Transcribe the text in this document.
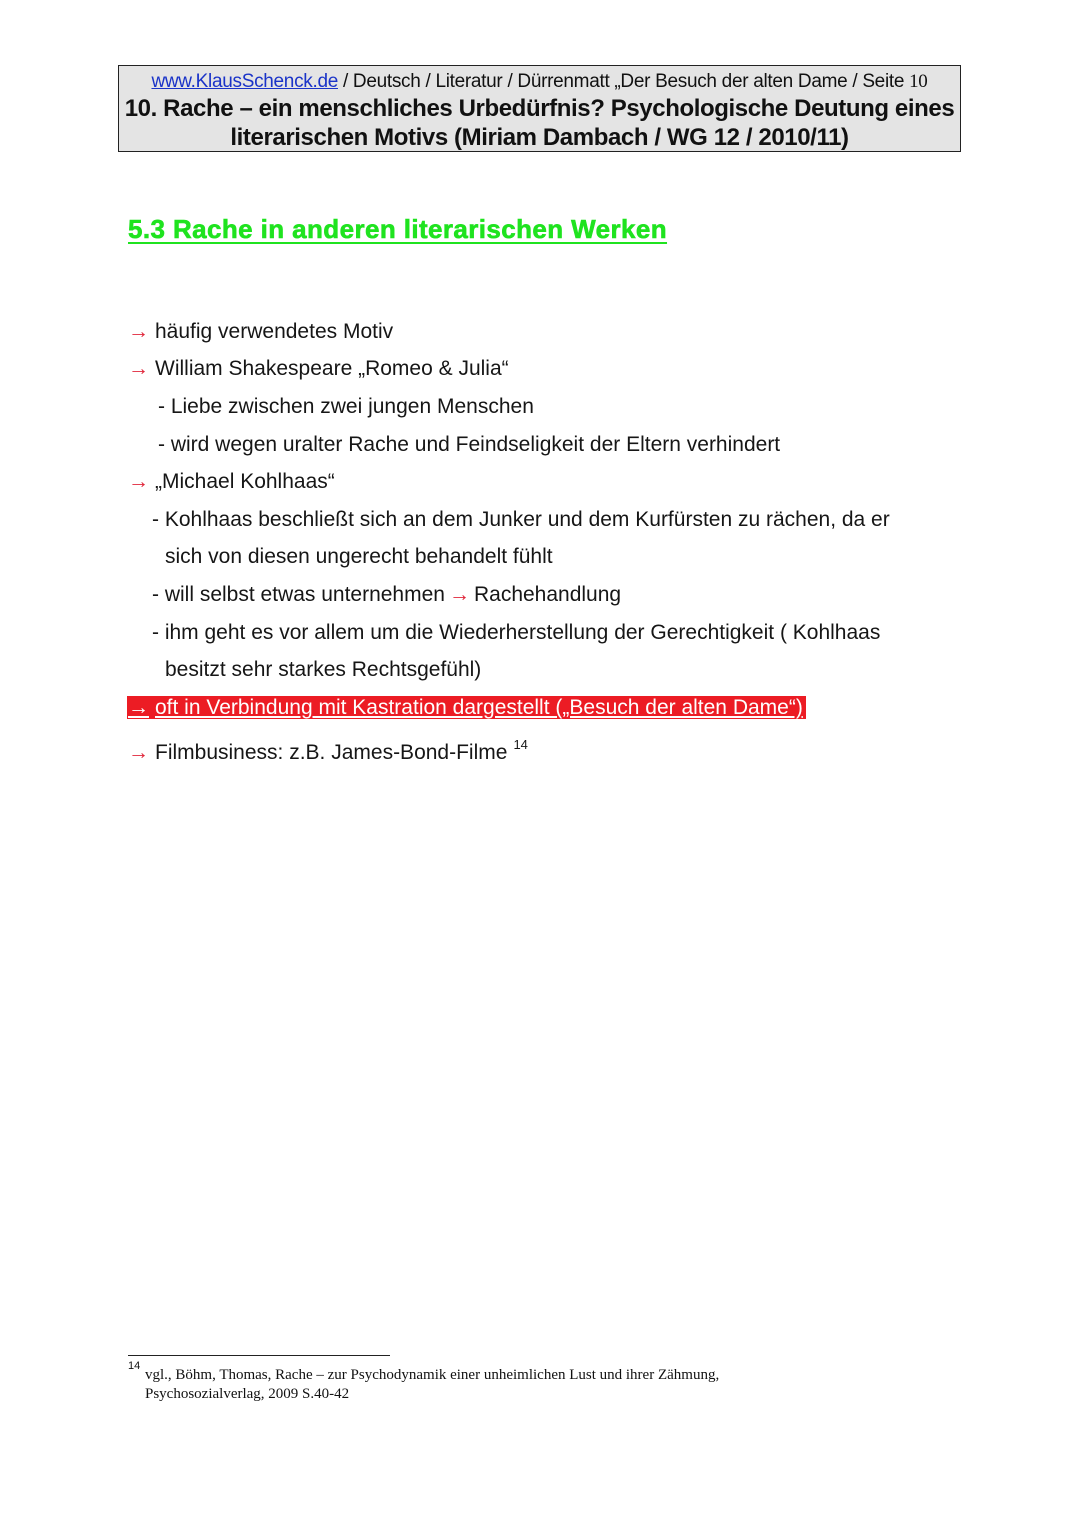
www.KlausSchenck.de / Deutsch / Literatur / Dürrenmatt „Der Besuch der alten Dame / Seite 10
10. Rache – ein menschliches Urbedürfnis? Psychologische Deutung eines
literarischen Motivs (Miriam Dambach / WG 12 / 2010/11)
5.3 Rache in anderen literarischen Werken
→ häufig verwendetes Motiv
→ William Shakespeare „Romeo & Julia“
- Liebe zwischen zwei jungen Menschen
- wird wegen uralter Rache und Feindseligkeit der Eltern verhindert
→ „Michael Kohlhaas“
- Kohlhaas beschließt sich an dem Junker und dem Kurfürsten zu rächen, da er
sich von diesen ungerecht behandelt fühlt
- will selbst etwas unternehmen → Rachehandlung
- ihm geht es vor allem um die Wiederherstellung der Gerechtigkeit ( Kohlhaas
besitzt sehr starkes Rechtsgefühl)
→ oft in Verbindung mit Kastration dargestellt („Besuch der alten Dame“)
→ Filmbusiness: z.B. James-Bond-Filme $^{14}$
14
vgl., Böhm, Thomas, Rache – zur Psychodynamik einer unheimlichen Lust und ihrer Zähmung,
Psychosozialverlag, 2009 S.40-42
